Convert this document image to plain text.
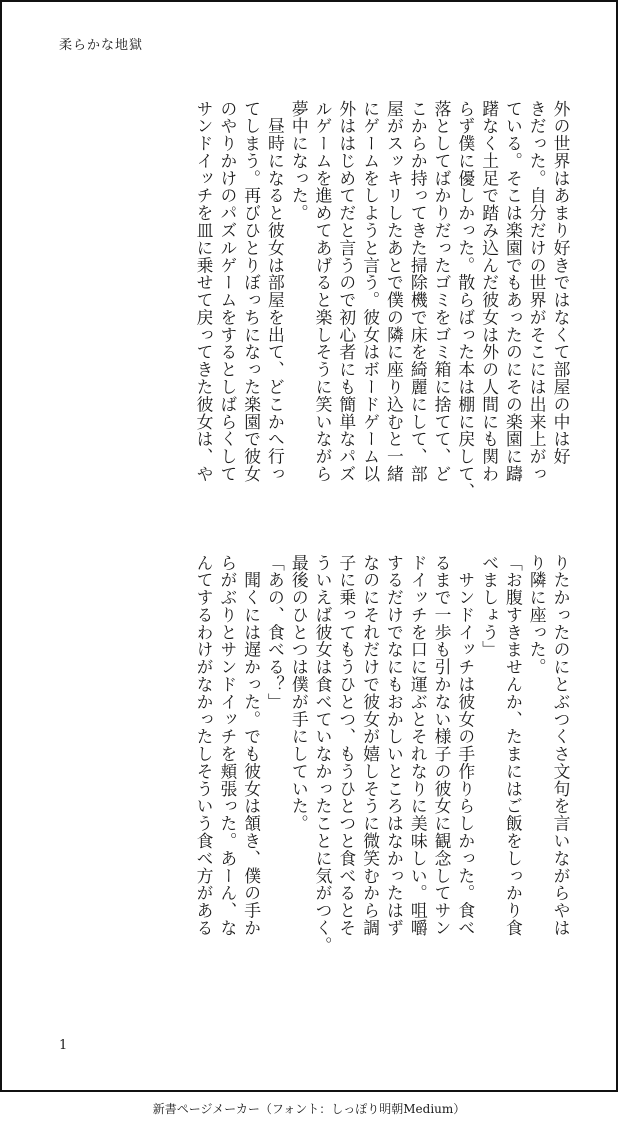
柔らかな地獄
外の世界はあまり好きではなくて部屋の中は好
きだった。自分だけの世界がそこには出来上がっ
ている。そこは楽園でもあったのにその楽園に躊
躇なく土足で踏み込んだ彼女は外の人間にも関わ
らず僕に優しかった。散らばった本は棚に戻して、
落としてばかりだったゴミをゴミ箱に捨てて、ど
こからか持ってきた掃除機で床を綺麗にして、部
屋がスッキリしたあとで僕の隣に座り込むと一緒
にゲームをしようと言う。彼女はボードゲーム以
外ははじめてだと言うので初心者にも簡単なパズ
ルゲームを進めてあげると楽しそうに笑いながら
夢中になった。
　昼時になると彼女は部屋を出て、どこかへ行っ
てしまう。再びひとりぼっちになった楽園で彼女
のやりかけのパズルゲームをするとしばらくして
サンドイッチを皿に乗せて戻ってきた彼女は、や
りたかったのにとぶつくさ文句を言いながらやは
り隣に座った。
「お腹すきませんか、たまにはご飯をしっかり食
べましょう」
　サンドイッチは彼女の手作りらしかった。食べ
るまで一歩も引かない様子の彼女に観念してサン
ドイッチを口に運ぶとそれなりに美味しい。咀嚼
するだけでなにもおかしいところはなかったはず
なのにそれだけで彼女が嬉しそうに微笑むから調
子に乗ってもうひとつ、もうひとつと食べるとそ
ういえば彼女は食べていなかったことに気がつく。
最後のひとつは僕が手にしていた。
「あの、食べる？」
　聞くには遅かった。でも彼女は頷き、僕の手か
らがぶりとサンドイッチを頬張った。あーん、な
んてするわけがなかったしそういう食べ方がある
1
新書ページメーカー（フォント：しっぽり明朝Medium）
